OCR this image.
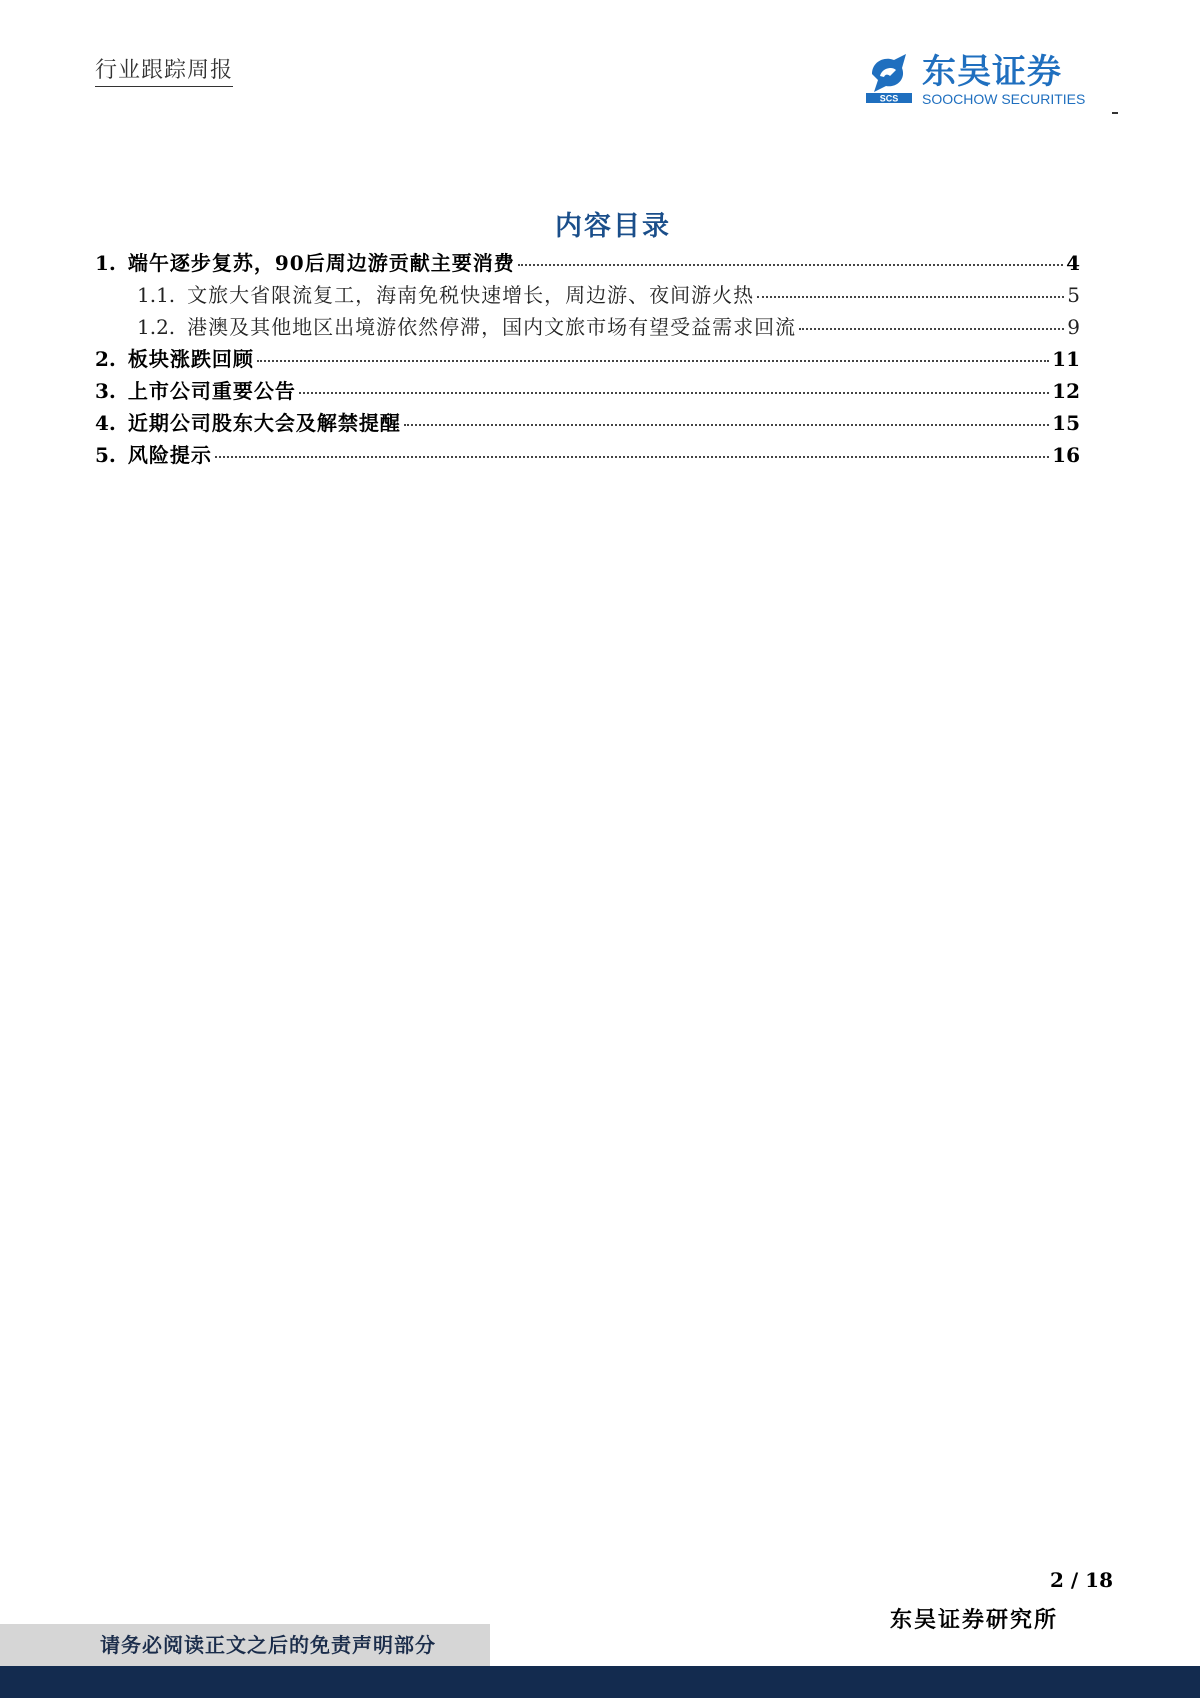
行业跟踪周报
SCS
东吴证券
SOOCHOW SECURITIES
内容目录
1. 端午逐步复苏，90后周边游贡献主要消费	4
1.1. 文旅大省限流复工，海南免税快速增长，周边游、夜间游火热	5
1.2. 港澳及其他地区出境游依然停滞，国内文旅市场有望受益需求回流	9
2. 板块涨跌回顾	11
3. 上市公司重要公告	12
4. 近期公司股东大会及解禁提醒	15
5. 风险提示	16
2 / 18
东吴证券研究所
请务必阅读正文之后的免责声明部分
